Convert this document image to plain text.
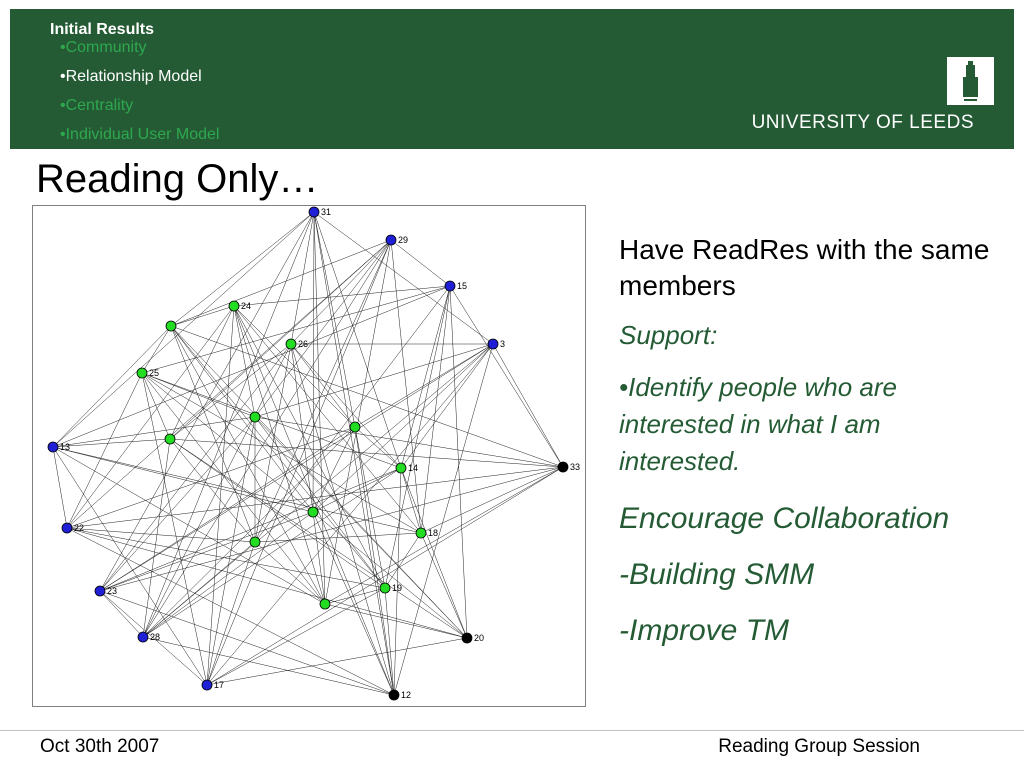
Initial Results
•Community
•Relationship Model
•Centrality
•Individual User Model
UNIVERSITY OF LEEDS
Reading Only…
31
29
15
3
24
26
25
13
14	33
22	18
23	19
28	20
17
12

Have ReadRes with the same members

Support:
•Identify people who are interested in what I am interested.
Encourage Collaboration
-Building SMM
-Improve TM
Oct 30th 2007	Reading Group Session
